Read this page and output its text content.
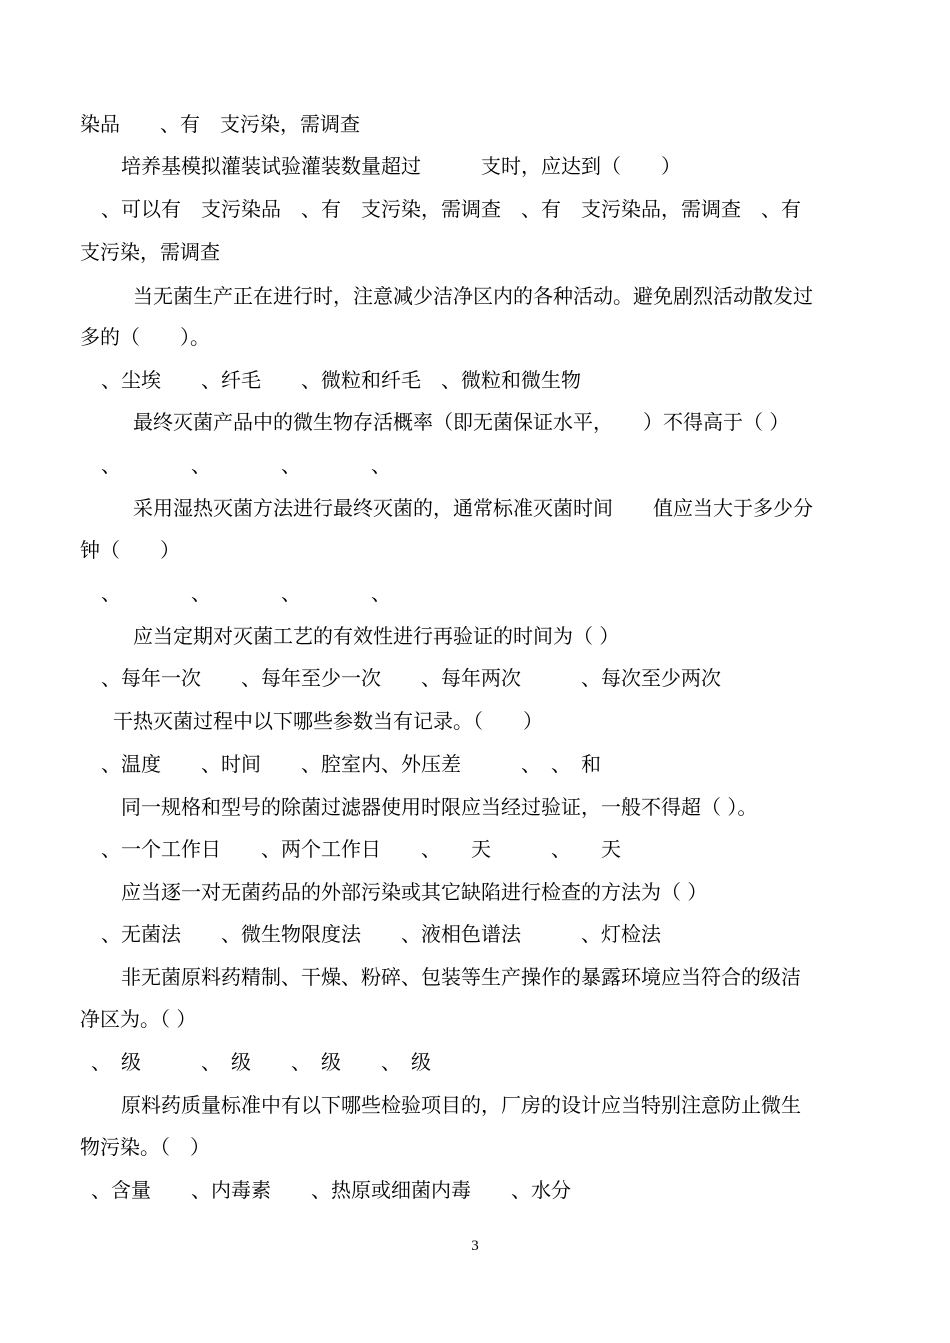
染品　　、有　支污染，需调查

培养基模拟灌装试验灌装数量超过　　　支时，应达到（　　）

、可以有　支污染品　、有　支污染，需调查　、有　支污染品，需调查　、有

支污染，需调查

当无菌生产正在进行时，注意减少洁净区内的各种活动。避免剧烈活动散发过

多的（　　）。

、尘埃　　、纤毛　　、微粒和纤毛　、微粒和微生物

最终灭菌产品中的微生物存活概率（即无菌保证水平，　　）不得高于（ ）

、　　　　、　　　　、　　　　、

采用湿热灭菌方法进行最终灭菌的，通常标准灭菌时间　　值应当大于多少分

钟（　　）

、　　　　、　　　　、　　　　、

应当定期对灭菌工艺的有效性进行再验证的时间为（ ）

、每年一次　　、每年至少一次　　、每年两次　　　、每次至少两次

干热灭菌过程中以下哪些参数当有记录。（　　）

、温度　　、时间　　、腔室内、外压差　　　、　、　和

同一规格和型号的除菌过滤器使用时限应当经过验证，一般不得超（ ）。

、一个工作日　　、两个工作日　　、　　天　　　、　　天

应当逐一对无菌药品的外部污染或其它缺陷进行检查的方法为（ ）

、无菌法　　、微生物限度法　　、液相色谱法　　　、灯检法

非无菌原料药精制、干燥、粉碎、包装等生产操作的暴露环境应当符合的级洁

净区为。（ ）

、　级　　　、　级　　、　级　　、　级

原料药质量标准中有以下哪些检验项目的，厂房的设计应当特别注意防止微生

物污染。（　）

、含量　　、内毒素　　、热原或细菌内毒　　、水分

3
